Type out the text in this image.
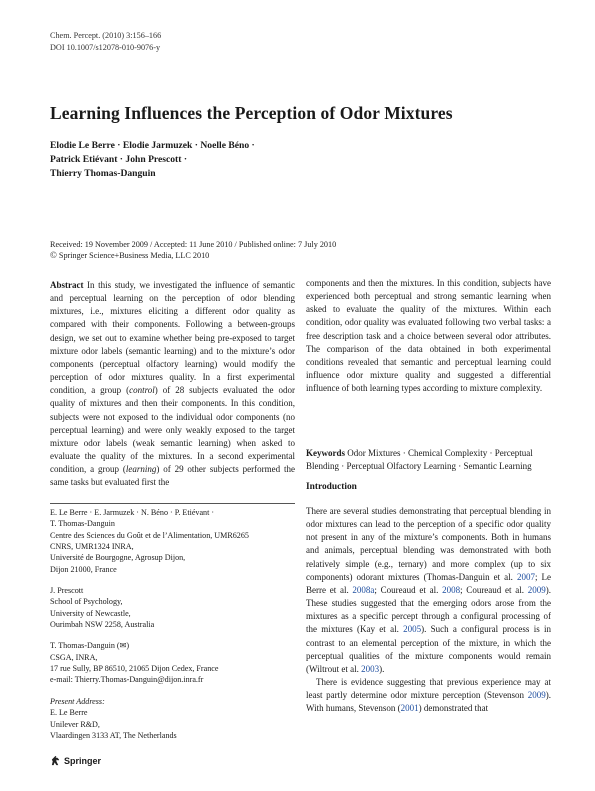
Chem. Percept. (2010) 3:156–166
DOI 10.1007/s12078-010-9076-y
Learning Influences the Perception of Odor Mixtures
Elodie Le Berre · Elodie Jarmuzek · Noelle Béno ·
Patrick Etiévant · John Prescott ·
Thierry Thomas-Danguin
Received: 19 November 2009 / Accepted: 11 June 2010 / Published online: 7 July 2010
© Springer Science+Business Media, LLC 2010

Abstract In this study, we investigated the influence of semantic and perceptual learning on the perception of odor blending mixtures, i.e., mixtures eliciting a different odor quality as compared with their components. Following a between-groups design, we set out to examine whether being pre-exposed to target mixture odor labels (semantic learning) and to the mixture’s odor components (perceptual olfactory learning) would modify the perception of odor mixtures quality. In a first experimental condition, a group (control) of 28 subjects evaluated the odor quality of mixtures and then their components. In this condition, subjects were not exposed to the individual odor components (no perceptual learning) and were only weakly exposed to the target mixture odor labels (weak semantic learning) when asked to evaluate the quality of the mixtures. In a second experimental condition, a group (learning) of 29 other subjects performed the same tasks but evaluated first the

E. Le Berre · E. Jarmuzek · N. Béno · P. Etiévant ·
T. Thomas-Danguin
Centre des Sciences du Goût et de l’Alimentation, UMR6265
CNRS, UMR1324 INRA,
Université de Bourgogne, Agrosup Dijon,
Dijon 21000, France
J. Prescott
School of Psychology,
University of Newcastle,
Ourimbah NSW 2258, Australia
T. Thomas-Danguin (✉)
CSGA, INRA,
17 rue Sully, BP 86510, 21065 Dijon Cedex, France
e-mail: Thierry.Thomas-Danguin@dijon.inra.fr
Present Address:
E. Le Berre
Unilever R&D,
Vlaardingen 3133 AT, The Netherlands

components and then the mixtures. In this condition, subjects have experienced both perceptual and strong semantic learning when asked to evaluate the quality of the mixtures. Within each condition, odor quality was evaluated following two verbal tasks: a free description task and a choice between several odor attributes. The comparison of the data obtained in both experimental conditions revealed that semantic and perceptual learning could influence odor mixture quality and suggested a differential influence of both learning types according to mixture complexity.

Keywords Odor Mixtures · Chemical Complexity · Perceptual Blending · Perceptual Olfactory Learning · Semantic Learning
Introduction

There are several studies demonstrating that perceptual blending in odor mixtures can lead to the perception of a specific odor quality not present in any of the mixture’s components. Both in humans and animals, perceptual blending was demonstrated with both relatively simple (e.g., ternary) and more complex (up to six components) odorant mixtures (Thomas-Danguin et al. 2007; Le Berre et al. 2008a; Coureaud et al. 2008; Coureaud et al. 2009). These studies suggested that the emerging odors arose from the mixtures as a specific percept through a configural processing of the mixtures (Kay et al. 2005). Such a configural process is in contrast to an elemental perception of the mixture, in which the perceptual qualities of the mixture components would remain (Wiltrout et al. 2003).

There is evidence suggesting that previous experience may at least partly determine odor mixture perception (Stevenson 2009). With humans, Stevenson (2001) demonstrated that

Springer
